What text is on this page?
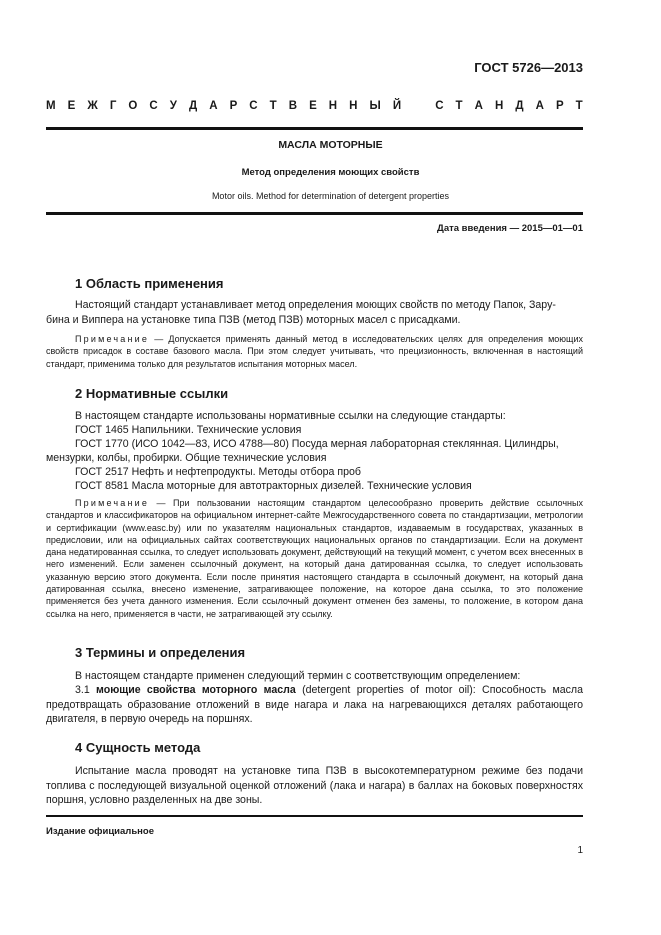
ГОСТ 5726—2013
М Е Ж Г О С У Д А Р С Т В Е Н Н Ы Й	С Т А Н Д А Р Т
МАСЛА МОТОРНЫЕ
Метод определения моющих свойств
Motor oils. Method for determination of detergent properties
Дата введения — 2015—01—01
1 Область применения

Настоящий стандарт устанавливает метод определения моющих свойств по методу Папок, Зару-

бина и Виппера на установке типа ПЗВ (метод ПЗВ) моторных масел с присадками.

Примечание — Допускается применять данный метод в исследовательских целях для определения моющих свойств присадок в составе базового масла. При этом следует учитывать, что прецизионность, включенная в настоящий стандарт, применима только для результатов испытания моторных масел.

2 Нормативные ссылки

В настоящем стандарте использованы нормативные ссылки на следующие стандарты:

ГОСТ 1465 Напильники. Технические условия

ГОСТ 1770 (ИСО 1042—83, ИСО 4788—80) Посуда мерная лабораторная стеклянная. Цилиндры,

мензурки, колбы, пробирки. Общие технические условия

ГОСТ 2517 Нефть и нефтепродукты. Методы отбора проб

ГОСТ 8581 Масла моторные для автотракторных дизелей. Технические условия

Примечание — При пользовании настоящим стандартом целесообразно проверить действие ссылочных стандартов и классификаторов на официальном интернет-сайте Межгосударственного совета по стандартизации, метрологии и сертификации (www.easc.by) или по указателям национальных стандартов, издаваемым в государствах, указанных в предисловии, или на официальных сайтах соответствующих национальных органов по стандартизации. Если на документ дана недатированная ссылка, то следует использовать документ, действующий на текущий момент, с учетом всех внесенных в него изменений. Если заменен ссылочный документ, на который дана датированная ссылка, то следует использовать указанную версию этого документа. Если после принятия настоящего стандарта в ссылочный документ, на который дана датированная ссылка, внесено изменение, затрагивающее положение, на которое дана ссылка, то это положение применяется без учета данного изменения. Если ссылочный документ отменен без замены, то положение, в котором дана ссылка на него, применяется в части, не затрагивающей эту ссылку.

3 Термины и определения

В настоящем стандарте применен следующий термин с соответствующим определением:

3.1 моющие свойства моторного масла (detergent properties of motor oil): Способность масла предотвращать образование отложений в виде нагара и лака на нагревающихся деталях работающего двигателя, в первую очередь на поршнях.

4 Сущность метода

Испытание масла проводят на установке типа ПЗВ в высокотемпературном режиме без подачи топлива с последующей визуальной оценкой отложений (лака и нагара) в баллах на боковых поверхностях поршня, условно разделенных на две зоны.

Издание официальное
1
